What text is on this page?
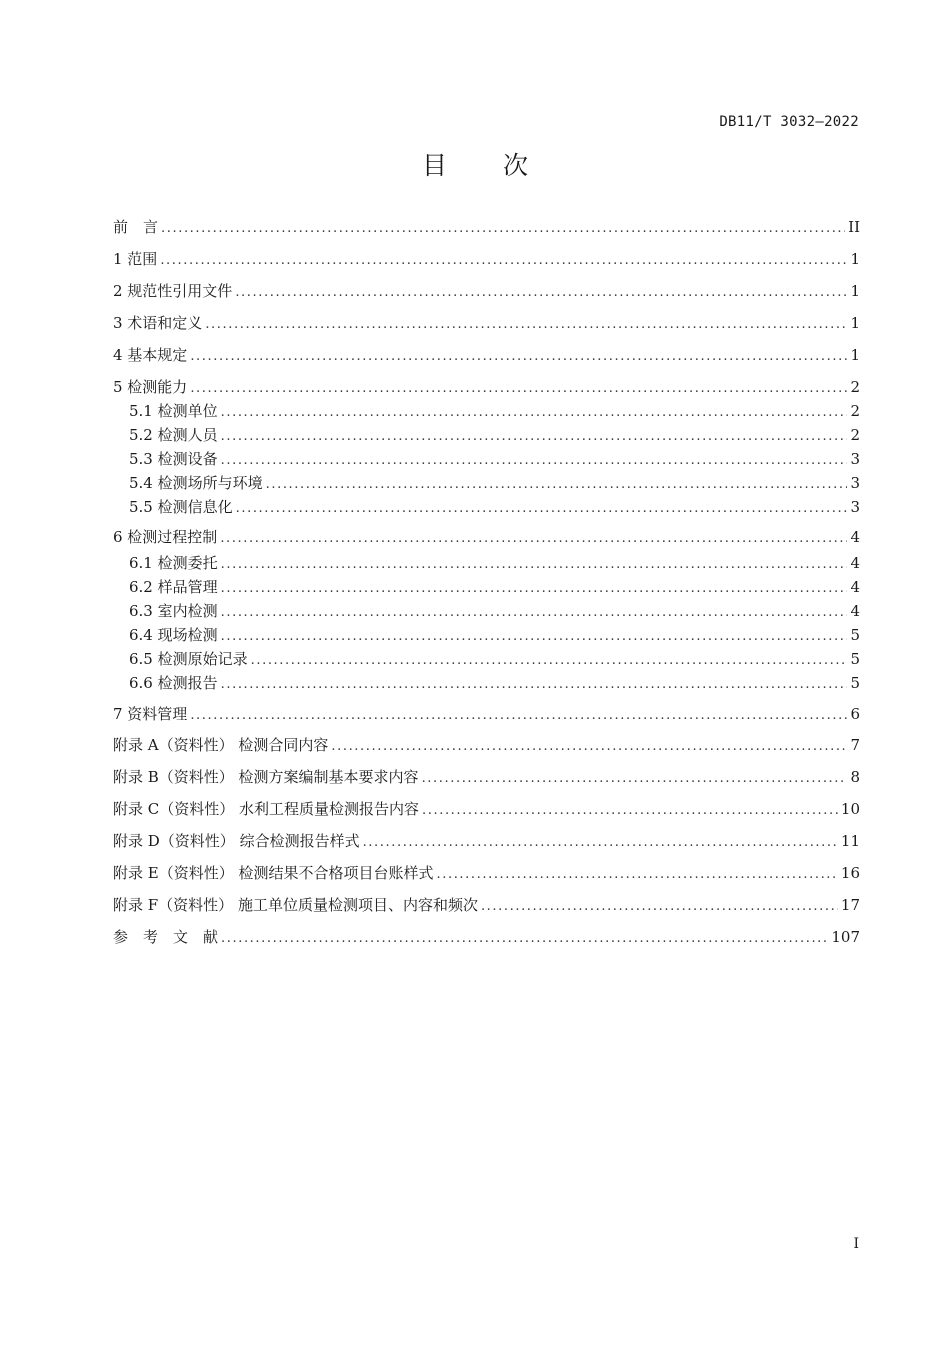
DB11/T 3032—2022
目 次
前　言 .....	II
1 范围 .....	1
2 规范性引用文件 .....	1
3 术语和定义 .....	1
4 基本规定 .....	1
5 检测能力 .....	2
5.1 检测单位 .....	2
5.2 检测人员 .....	2
5.3 检测设备 .....	3
5.4 检测场所与环境 .....	3
5.5 检测信息化 .....	3
6 检测过程控制 .....	4
6.1 检测委托 .....	4
6.2 样品管理 .....	4
6.3 室内检测 .....	4
6.4 现场检测 .....	5
6.5 检测原始记录 .....	5
6.6 检测报告 .....	5
7 资料管理 .....	6
附录 A（资料性） 检测合同内容 .....	7
附录 B（资料性） 检测方案编制基本要求内容 .....	8
附录 C（资料性） 水利工程质量检测报告内容 .....	10
附录 D（资料性） 综合检测报告样式 .....	11
附录 E（资料性） 检测结果不合格项目台账样式 .....	16
附录 F（资料性） 施工单位质量检测项目、内容和频次 .....	17
参　考　文　献 .....	107
I
